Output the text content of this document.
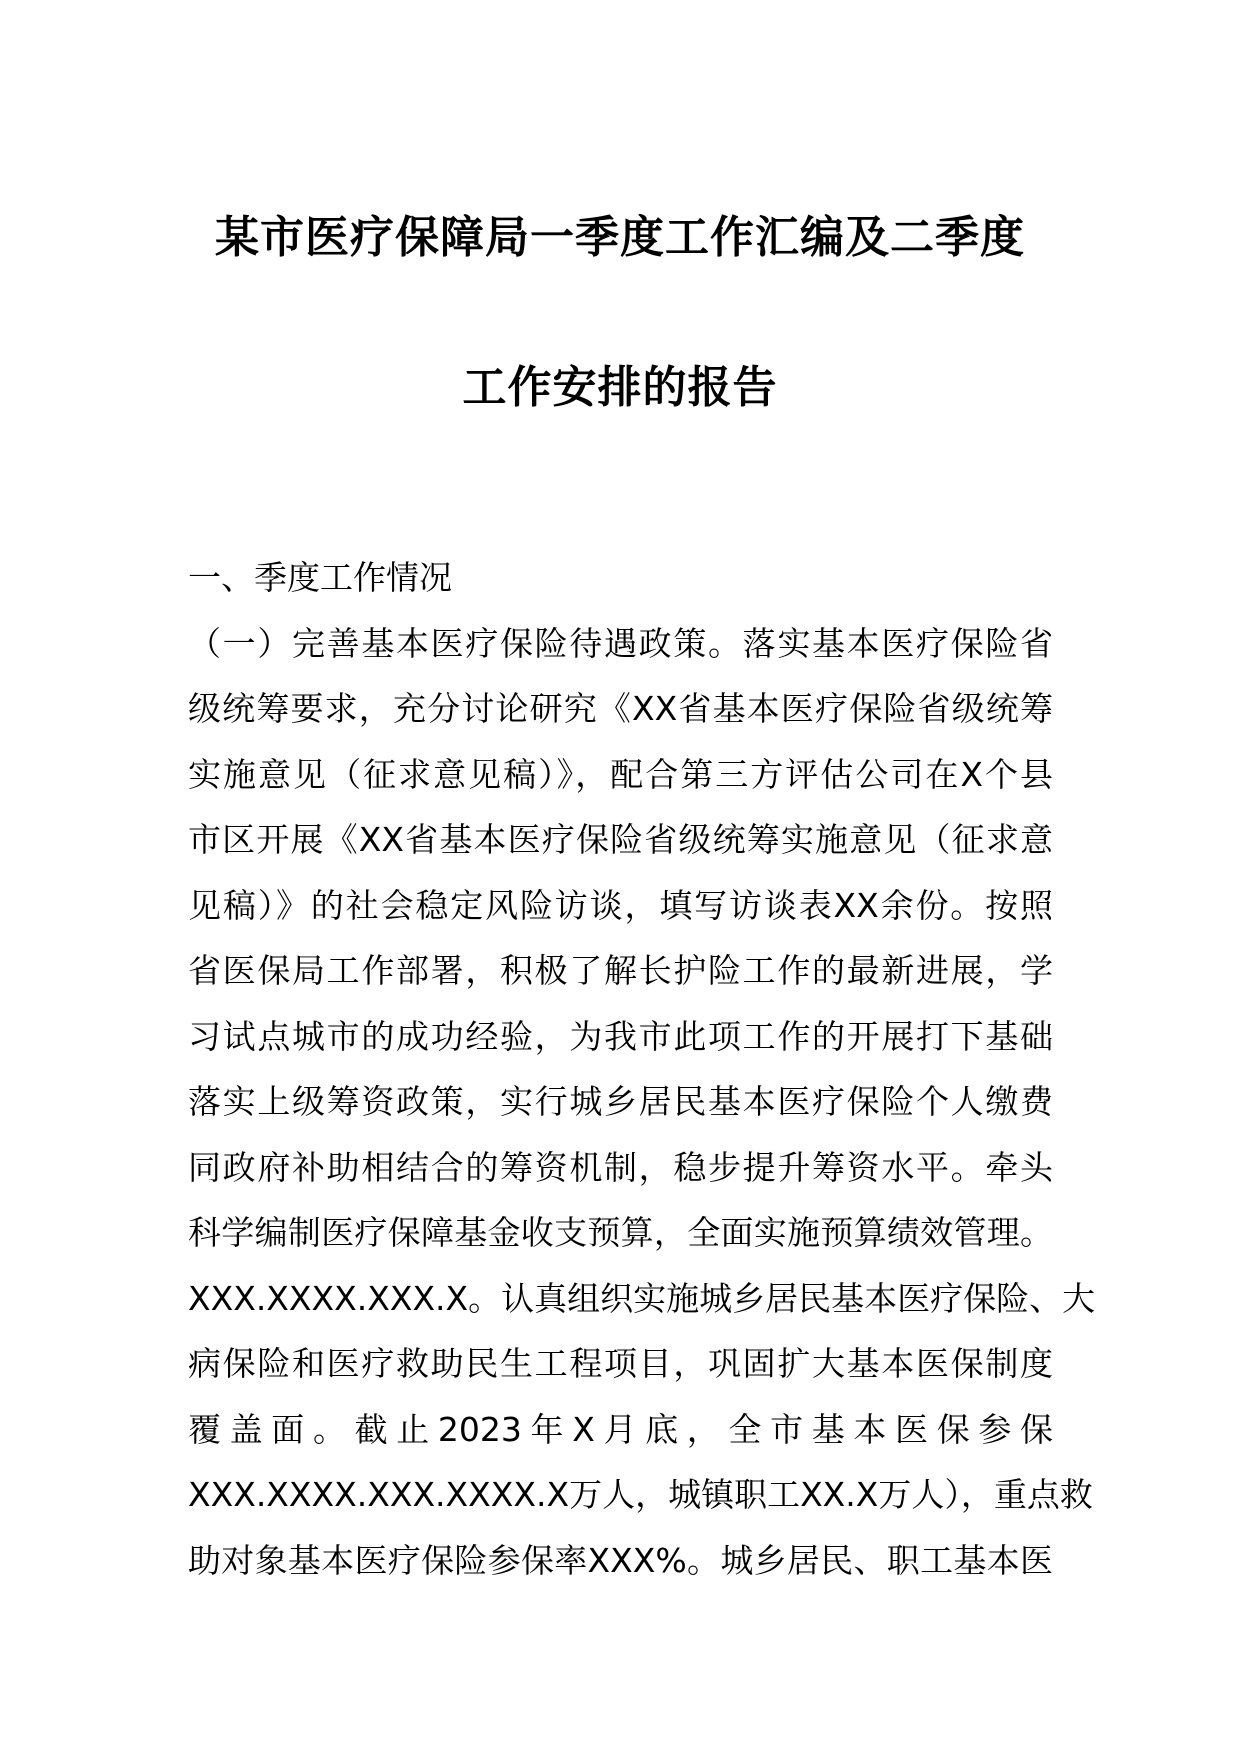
某市医疗保障局一季度工作汇编及二季度
工作安排的报告
一、季度工作情况
（一）完善基本医疗保险待遇政策。落实基本医疗保险省
级统筹要求，充分讨论研究《XX省基本医疗保险省级统筹
实施意见（征求意见稿）》，配合第三方评估公司在X个县
市区开展《XX省基本医疗保险省级统筹实施意见（征求意
见稿）》的社会稳定风险访谈，填写访谈表XX余份。按照
省医保局工作部署，积极了解长护险工作的最新进展，学
习试点城市的成功经验，为我市此项工作的开展打下基础
落实上级筹资政策，实行城乡居民基本医疗保险个人缴费
同政府补助相结合的筹资机制，稳步提升筹资水平。牵头
科学编制医疗保障基金收支预算，全面实施预算绩效管理。
XXX.XXXX.XXX.X。认真组织实施城乡居民基本医疗保险、大
病保险和医疗救助民生工程项目，巩固扩大基本医保制度
覆盖面。截止2023年X月底，全市基本医保参保
XXX.XXXX.XXX.XXXX.X万人，城镇职工XX.X万人），重点救
助对象基本医疗保险参保率XXX%。城乡居民、职工基本医
